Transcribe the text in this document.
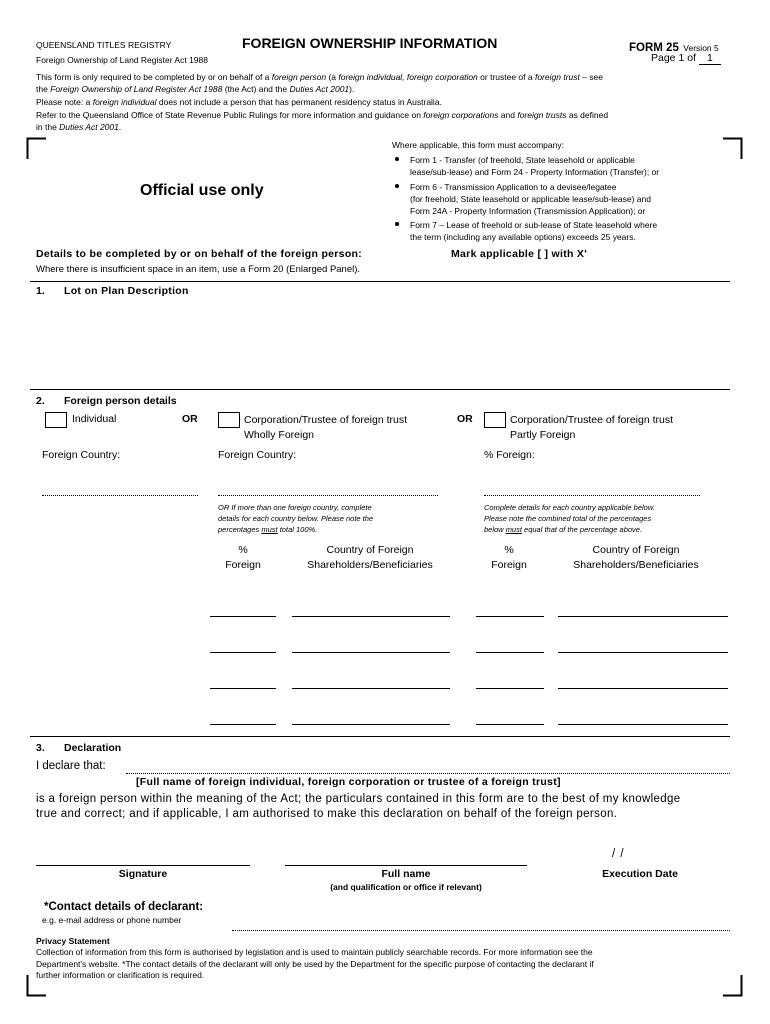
QUEENSLAND TITLES REGISTRY	FOREIGN OWNERSHIP INFORMATION	FORM 25 Version 5
Foreign Ownership of Land Register Act 1988	Page 1 of 1
This form is only required to be completed by or on behalf of a foreign person (a foreign individual, foreign corporation or trustee of a foreign trust – see
the Foreign Ownership of Land Register Act 1988 (the Act) and the Duties Act 2001).
Please note: a foreign individual does not include a person that has permanent residency status in Australia.
Refer to the Queensland Office of State Revenue Public Rulings for more information and guidance on foreign corporations and foreign trusts as defined
in the Duties Act 2001.
Official use only
Where applicable, this form must accompany:
Form 1 - Transfer (of freehold, State leasehold or applicable
lease/sub-lease) and Form 24 - Property Information (Transfer); or
Form 6 - Transmission Application to a devisee/legatee
(for freehold, State leasehold or applicable lease/sub-lease) and
Form 24A - Property Information (Transmission Application); or
Form 7 – Lease of freehold or sub-lease of State leasehold where
the term (including any available options) exceeds 25 years.
Details to be completed by or on behalf of the foreign person:	Mark applicable [ ] with X'
Where there is insufficient space in an item, use a Form 20 (Enlarged Panel).
1. Lot on Plan Description
2. Foreign person details
Individual	OR	Corporation/Trustee of foreign trust
Wholly Foreign
OR	Corporation/Trustee of foreign trust
Partly Foreign
Foreign Country:	Foreign Country:	% Foreign:
OR If more than one foreign country, complete
details for each country below. Please note the
percentages must total 100%.
Complete details for each country applicable below.
Please note the combined total of the percentages
below must equal that of the percentage above.
%
Foreign
Country of Foreign
Shareholders/Beneficiaries
%
Foreign
Country of Foreign
Shareholders/Beneficiaries
3. Declaration
I declare that:
[Full name of foreign individual, foreign corporation or trustee of a foreign trust]
is a foreign person within the meaning of the Act; the particulars contained in this form are to the best of my knowledge
true and correct; and if applicable, I am authorised to make this declaration on behalf of the foreign person.
/ /
Signature	Full name
(and qualification or office if relevant)
Execution Date
*Contact details of declarant:
e.g. e-mail address or phone number
Privacy Statement
Collection of information from this form is authorised by legislation and is used to maintain publicly searchable records. For more information see the
Department's website. *The contact details of the declarant will only be used by the Department for the specific purpose of contacting the declarant if
further information or clarification is required.
